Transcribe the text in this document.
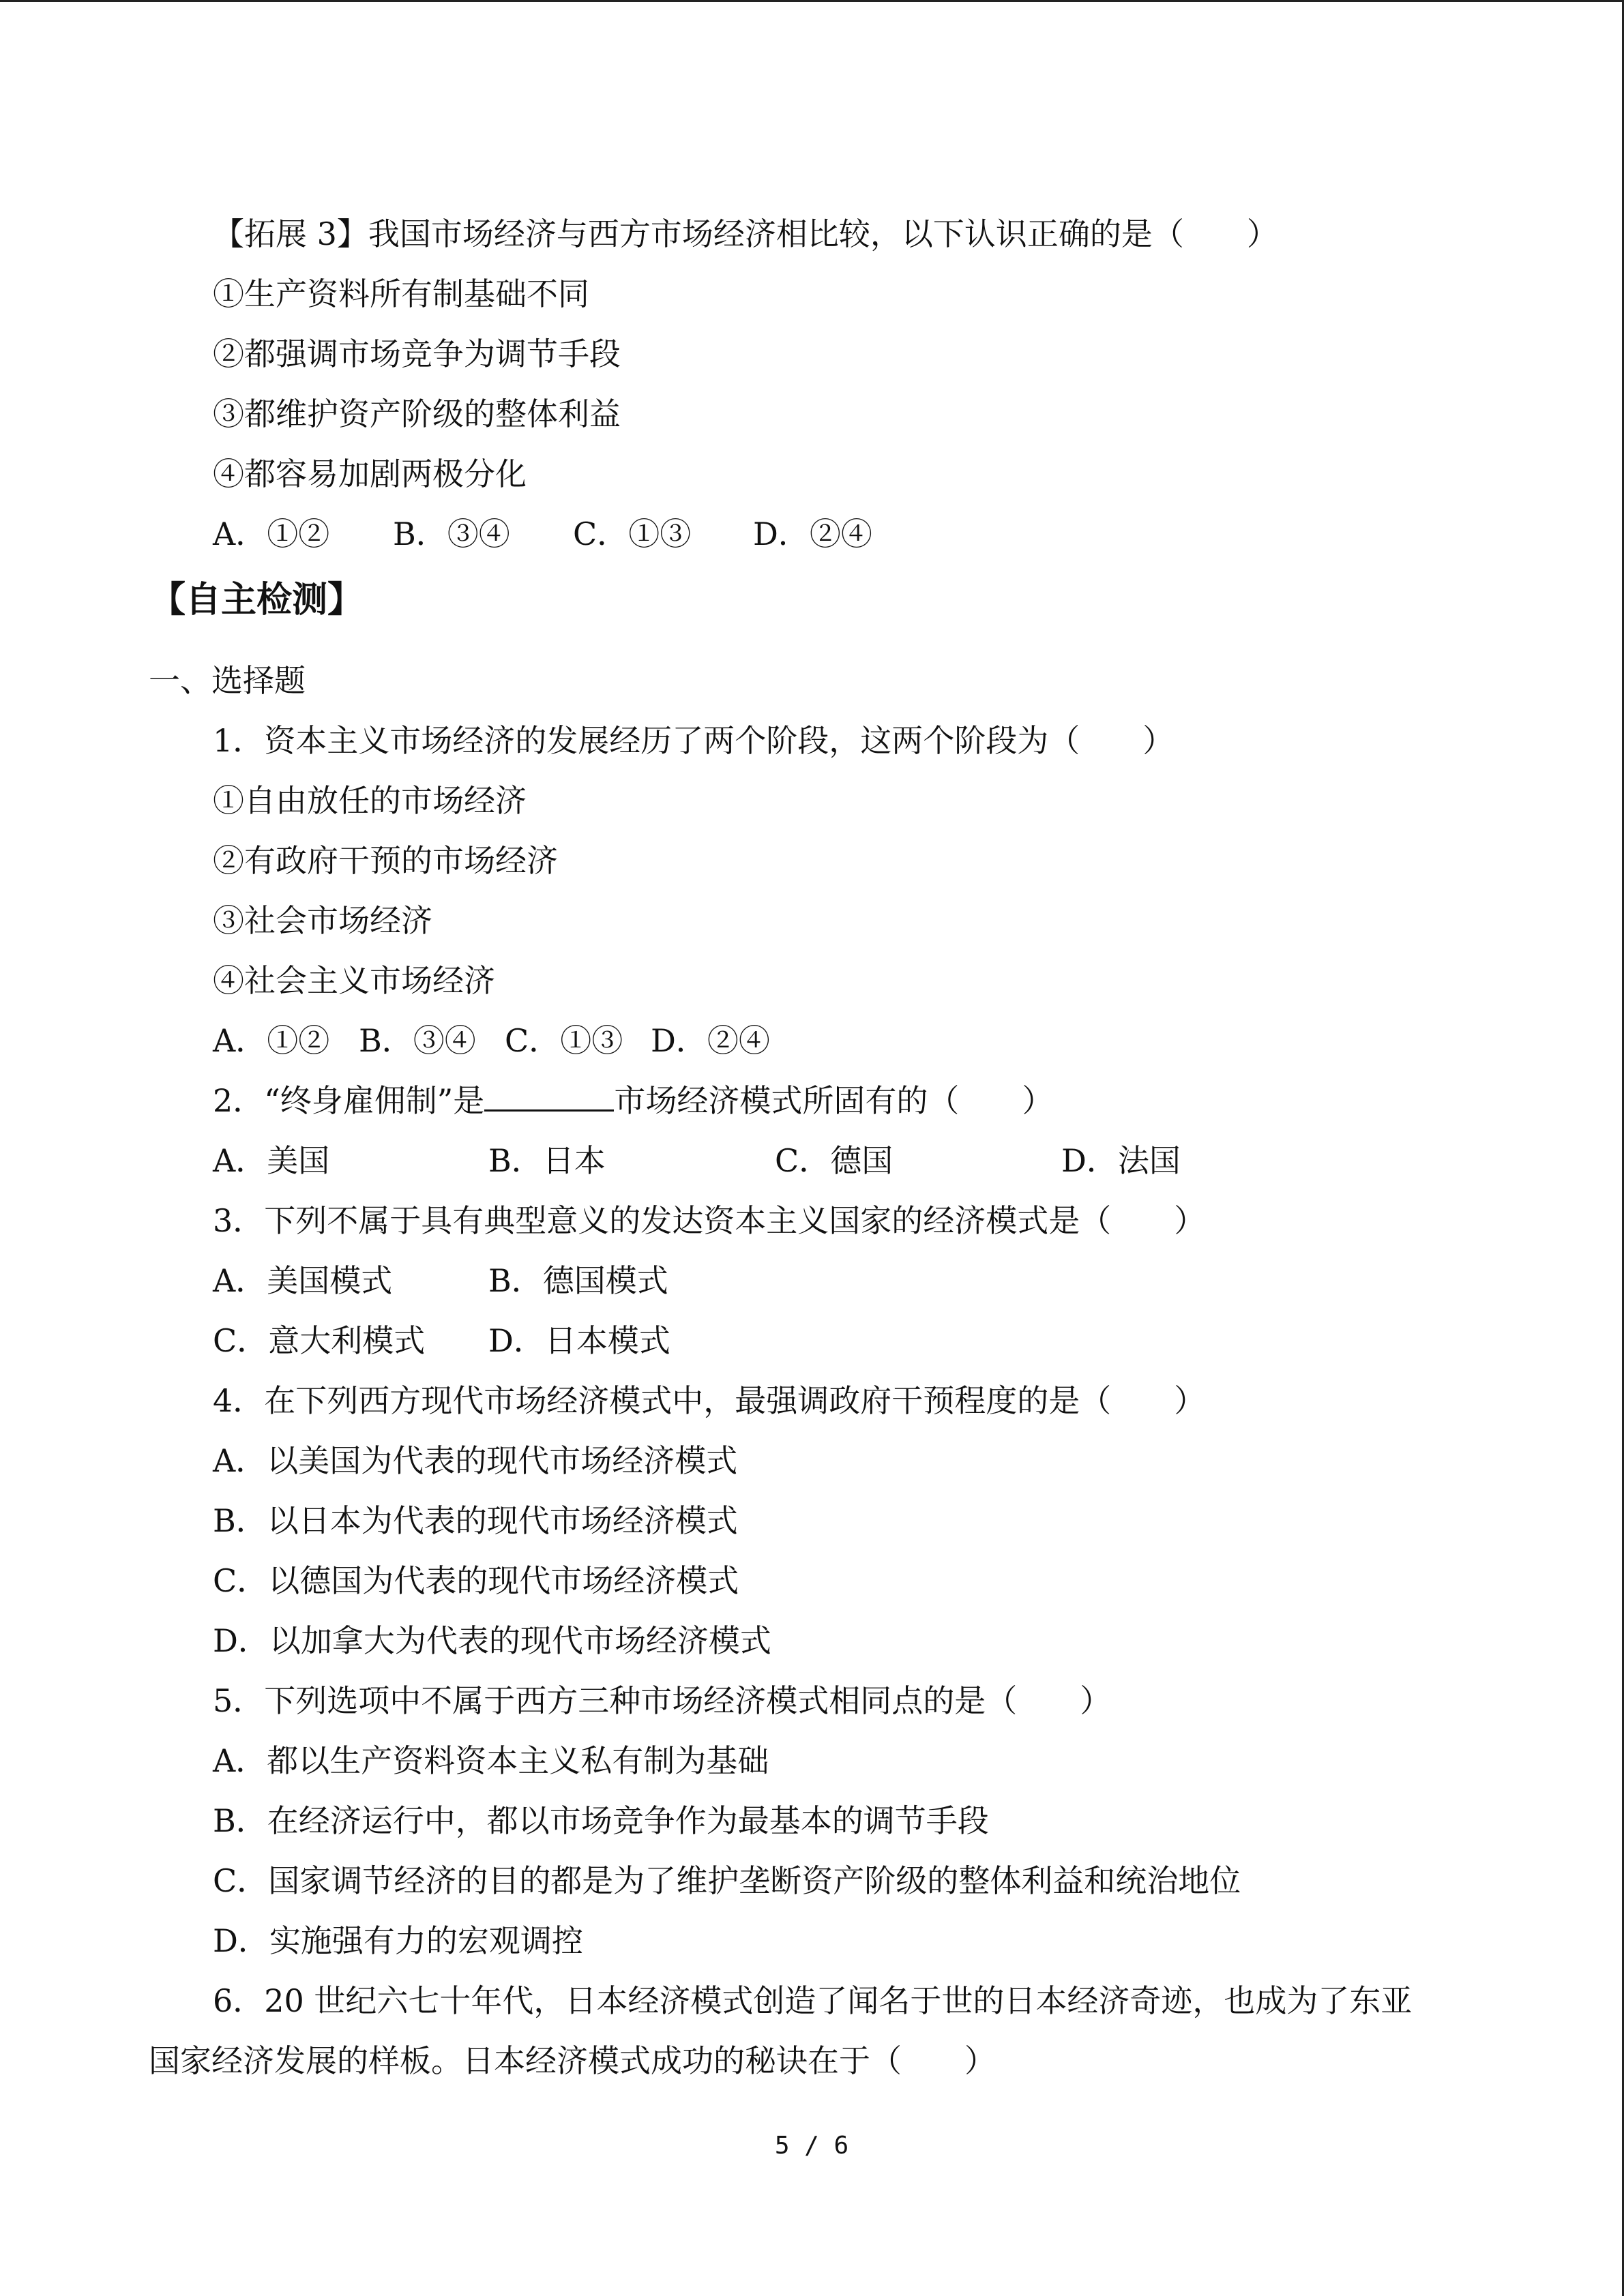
【拓展 3】我国市场经济与西方市场经济相比较，以下认识正确的是（　　）
①生产资料所有制基础不同
②都强调市场竞争为调节手段
③都维护资产阶级的整体利益
④都容易加剧两极分化
A．①② B．③④ C．①③ D．②④
【自主检测】
一、选择题
1．资本主义市场经济的发展经历了两个阶段，这两个阶段为（　　）
①自由放任的市场经济
②有政府干预的市场经济
③社会市场经济
④社会主义市场经济
A．①② B．③④ C．①③ D．②④
2．“终身雇佣制”是	市场经济模式所固有的（　　）
A．美国	B．日本	C．德国	D．法国
3．下列不属于具有典型意义的发达资本主义国家的经济模式是（　　）
A．美国模式	B．德国模式
C．意大利模式 D．日本模式
4．在下列西方现代市场经济模式中，最强调政府干预程度的是（　　）
A．以美国为代表的现代市场经济模式
B．以日本为代表的现代市场经济模式
C．以德国为代表的现代市场经济模式
D．以加拿大为代表的现代市场经济模式
5．下列选项中不属于西方三种市场经济模式相同点的是（　　）
A．都以生产资料资本主义私有制为基础
B．在经济运行中，都以市场竞争作为最基本的调节手段
C．国家调节经济的目的都是为了维护垄断资产阶级的整体利益和统治地位
D．实施强有力的宏观调控
6．20 世纪六七十年代，日本经济模式创造了闻名于世的日本经济奇迹，也成为了东亚
国家经济发展的样板。日本经济模式成功的秘诀在于（　　）
5 / 6
